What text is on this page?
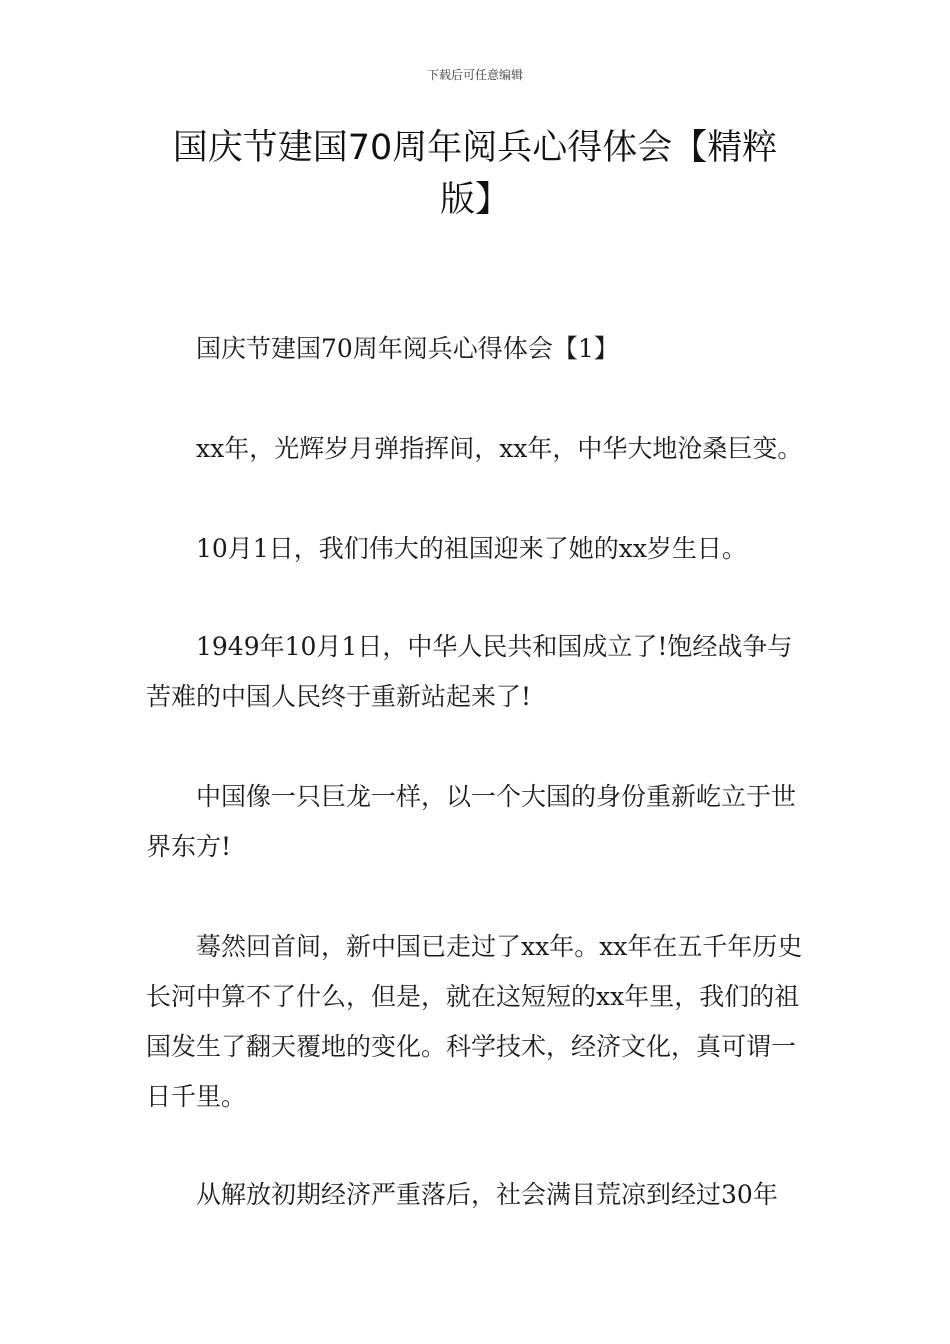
下载后可任意编辑
国庆节建国70周年阅兵心得体会【精粹版】

国庆节建国70周年阅兵心得体会【1】

xx年，光辉岁月弹指挥间，xx年，中华大地沧桑巨变。

10月1日，我们伟大的祖国迎来了她的xx岁生日。

1949年10月1日，中华人民共和国成立了!饱经战争与苦难的中国人民终于重新站起来了!

中国像一只巨龙一样，以一个大国的身份重新屹立于世界东方!

蓦然回首间，新中国已走过了xx年。xx年在五千年历史长河中算不了什么，但是，就在这短短的xx年里，我们的祖国发生了翻天覆地的变化。科学技术，经济文化，真可谓一日千里。

从解放初期经济严重落后，社会满目荒凉到经过30年
